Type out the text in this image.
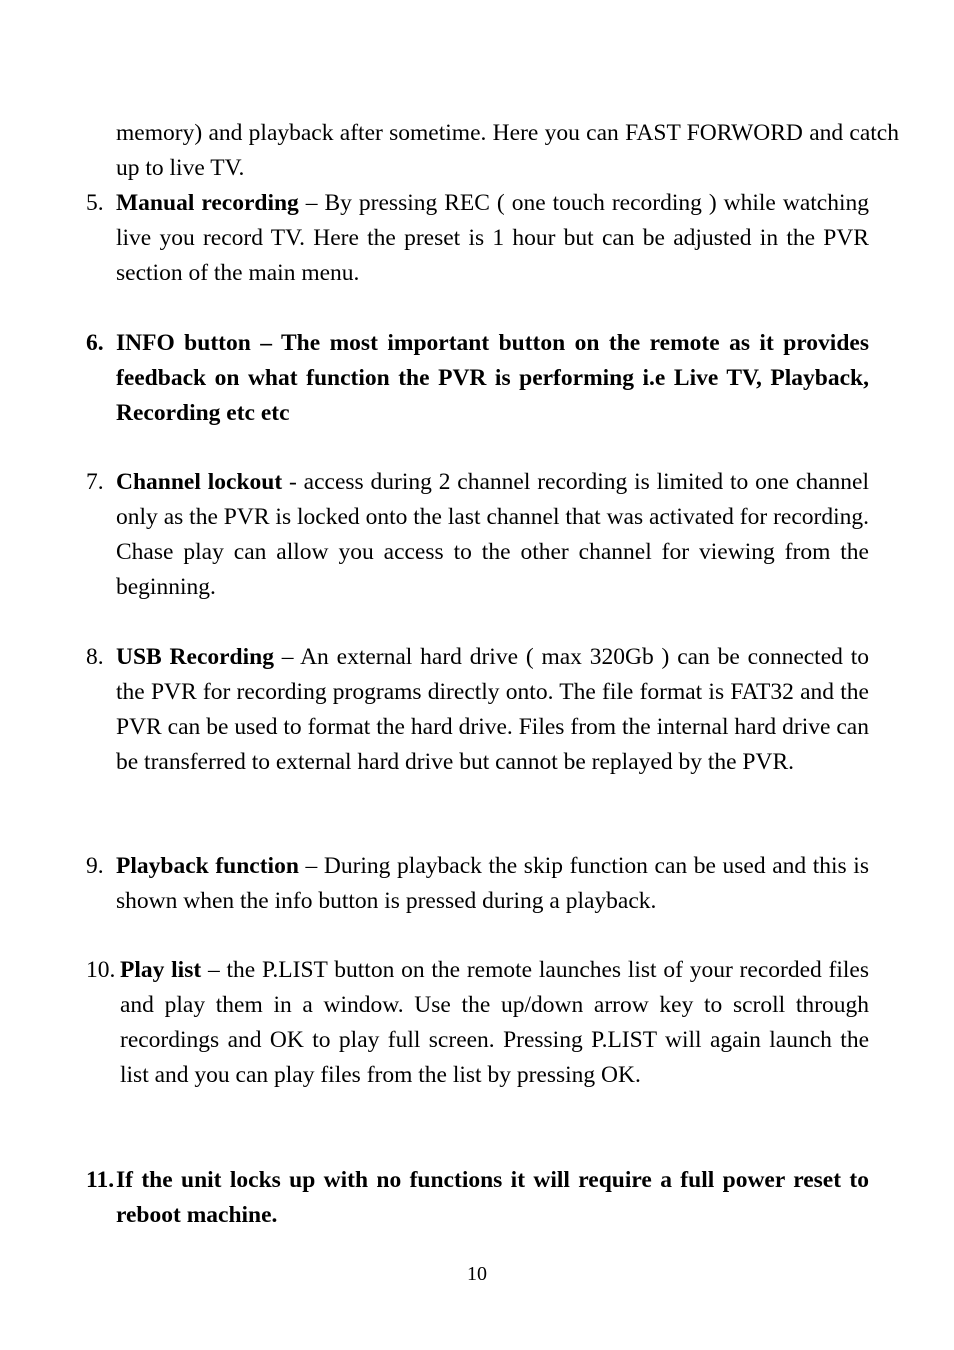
memory) and playback after sometime. Here you can FAST FORWORD and catch up to live TV.
5. Manual recording – By pressing REC ( one touch recording ) while watching live you record TV. Here the preset is 1 hour but can be adjusted in the PVR section of the main menu.
6. INFO button – The most important button on the remote as it provides feedback on what function the PVR is performing i.e Live TV, Playback, Recording etc etc
7. Channel lockout - access during 2 channel recording is limited to one channel only as the PVR is locked onto the last channel that was activated for recording. Chase play can allow you access to the other channel for viewing from the beginning.
8. USB Recording – An external hard drive ( max 320Gb ) can be connected to the PVR for recording programs directly onto. The file format is FAT32 and the PVR can be used to format the hard drive. Files from the internal hard drive can be transferred to external hard drive but cannot be replayed by the PVR.
9. Playback function – During playback the skip function can be used and this is shown when the info button is pressed during a playback.
10. Play list – the P.LIST button on the remote launches list of your recorded files and play them in a window. Use the up/down arrow key to scroll through recordings and OK to play full screen. Pressing P.LIST will again launch the list and you can play files from the list by pressing OK.
11. If the unit locks up with no functions it will require a full power reset to reboot machine.
10
